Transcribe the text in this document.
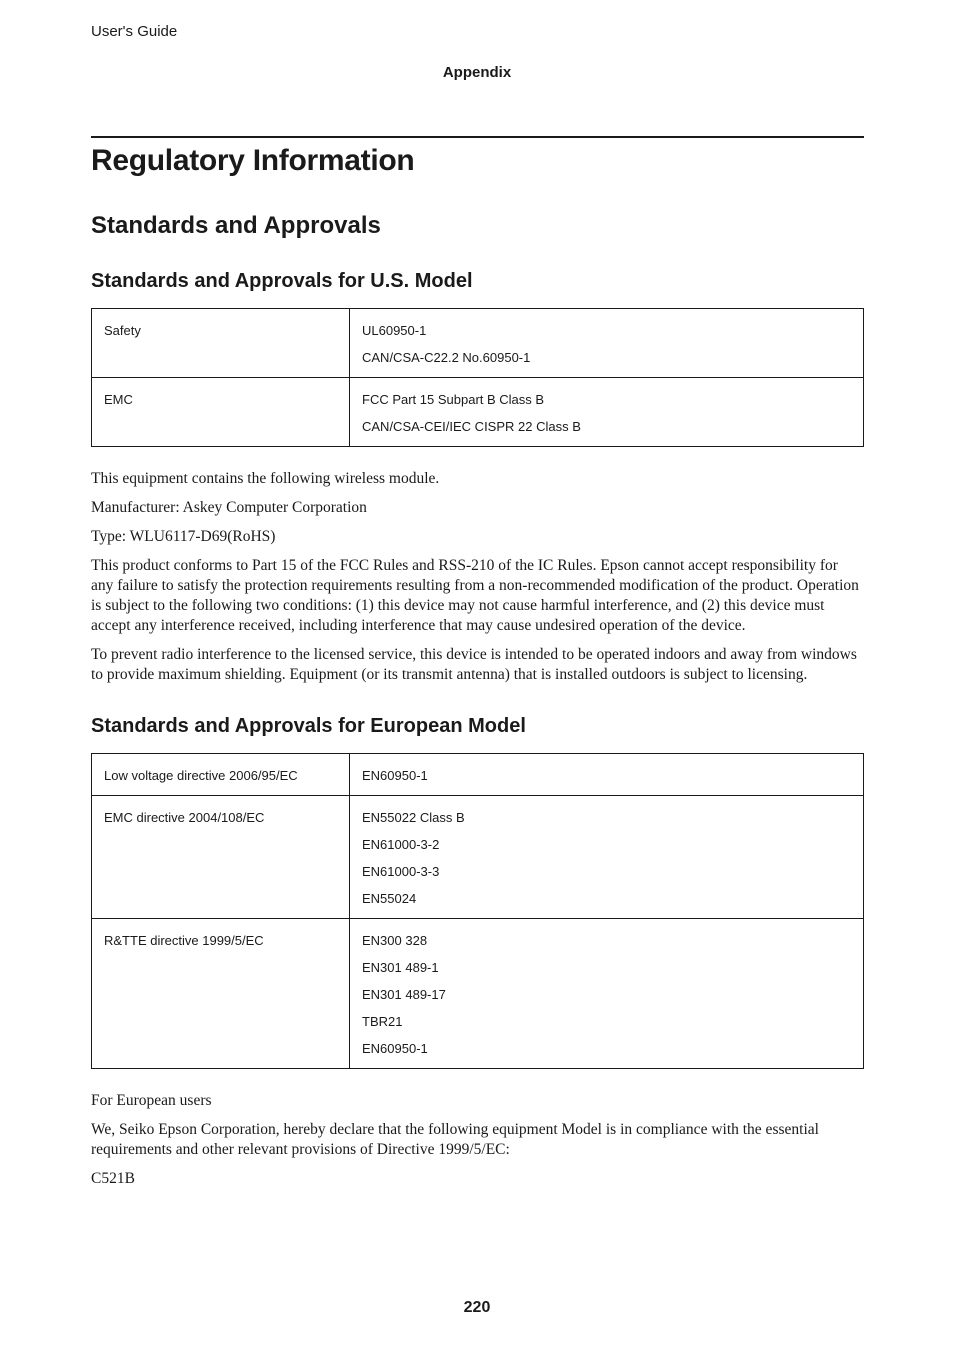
User's Guide
Appendix
Regulatory Information
Standards and Approvals
Standards and Approvals for U.S. Model
Safety	UL60950-1
CAN/CSA-C22.2 No.60950-1

EMC	FCC Part 15 Subpart B Class B
CAN/CSA-CEI/IEC CISPR 22 Class B

This equipment contains the following wireless module.

Manufacturer: Askey Computer Corporation

Type: WLU6117-D69(RoHS)

This product conforms to Part 15 of the FCC Rules and RSS-210 of the IC Rules. Epson cannot accept responsibility for any failure to satisfy the protection requirements resulting from a non-recommended modification of the product. Operation is subject to the following two conditions: (1) this device may not cause harmful interference, and (2) this device must accept any interference received, including interference that may cause undesired operation of the device.

To prevent radio interference to the licensed service, this device is intended to be operated indoors and away from windows to provide maximum shielding. Equipment (or its transmit antenna) that is installed outdoors is subject to licensing.

Standards and Approvals for European Model
Low voltage directive 2006/95/EC	EN60950-1

EMC directive 2004/108/EC	EN55022 Class B
EN61000-3-2
EN61000-3-3
EN55024

R&TTE directive 1999/5/EC	EN300 328
EN301 489-1
EN301 489-17
TBR21
EN60950-1

For European users

We, Seiko Epson Corporation, hereby declare that the following equipment Model is in compliance with the essential requirements and other relevant provisions of Directive 1999/5/EC:

C521B

220
